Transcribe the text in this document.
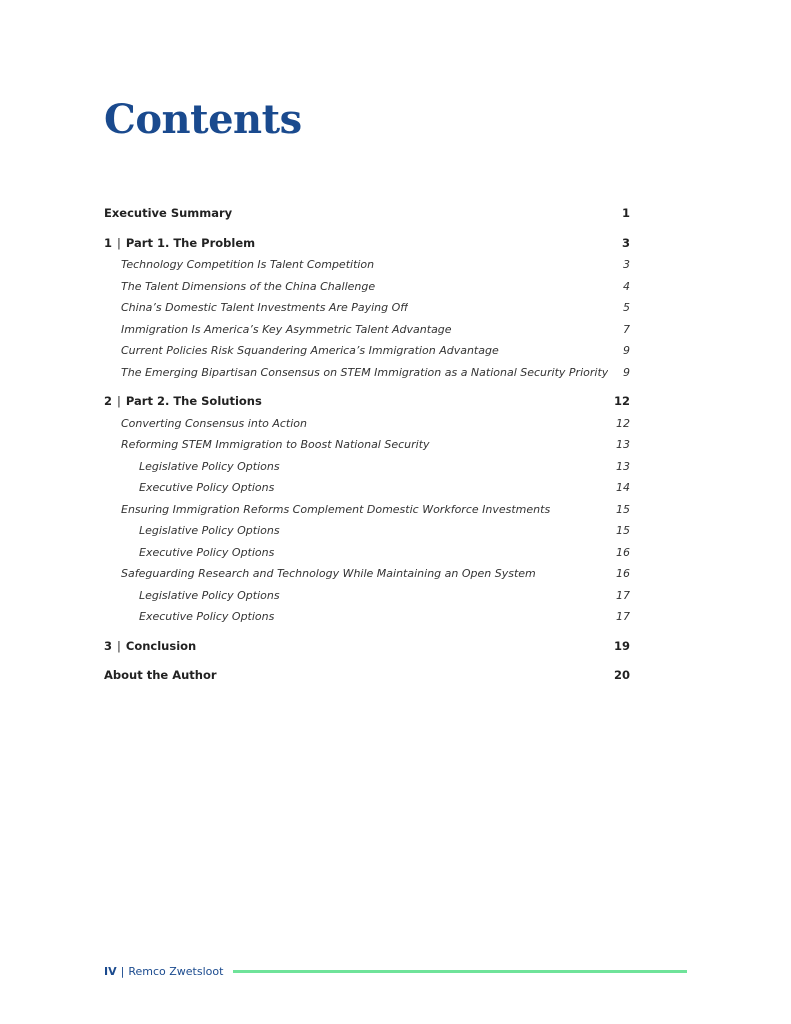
Contents
Executive Summary	1
1 | Part 1. The Problem	3
Technology Competition Is Talent Competition	3
The Talent Dimensions of the China Challenge	4
China’s Domestic Talent Investments Are Paying Off	5
Immigration Is America’s Key Asymmetric Talent Advantage	7
Current Policies Risk Squandering America’s Immigration Advantage	9
The Emerging Bipartisan Consensus on STEM Immigration as a National Security Priority	9
2 | Part 2. The Solutions	12
Converting Consensus into Action	12
Reforming STEM Immigration to Boost National Security	13
Legislative Policy Options	13
Executive Policy Options	14
Ensuring Immigration Reforms Complement Domestic Workforce Investments	15
Legislative Policy Options	15
Executive Policy Options	16
Safeguarding Research and Technology While Maintaining an Open System	16
Legislative Policy Options	17
Executive Policy Options	17
3 | Conclusion	19
About the Author	20
IV | Remco Zwetsloot
